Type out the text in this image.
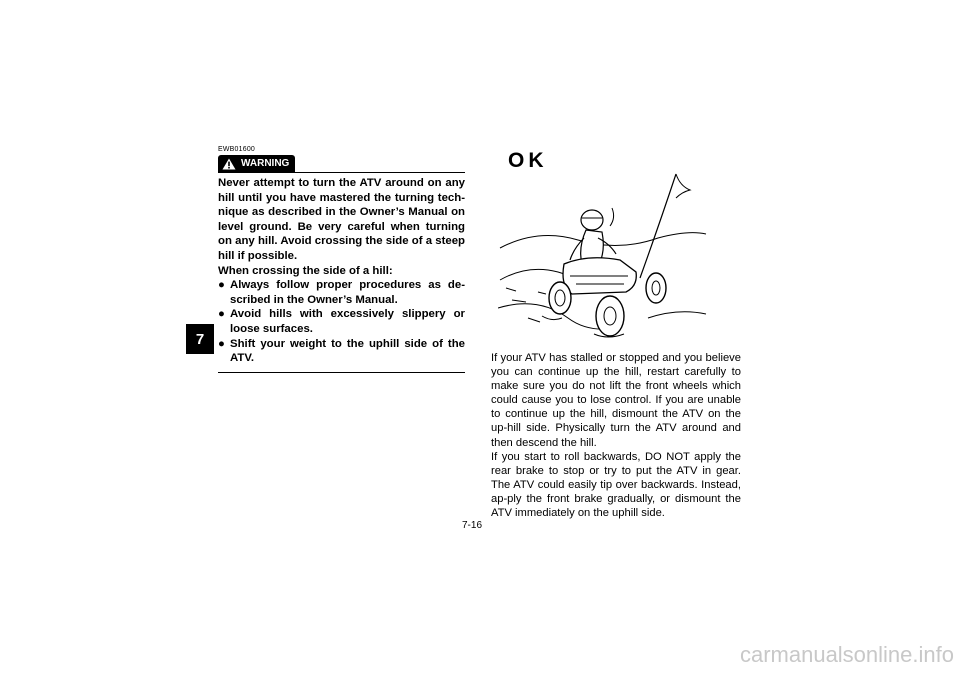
7
EWB01600
WARNING

Never attempt to turn the ATV around on any hill until you have mastered the turning tech-nique as described in the Owner’s Manual on level ground. Be very careful when turning on any hill. Avoid crossing the side of a steep hill if possible.

When crossing the side of a hill:

● Always follow proper procedures as de-scribed in the Owner’s Manual.
● Avoid hills with excessively slippery or loose surfaces.
● Shift your weight to the uphill side of the ATV.
OK

If your ATV has stalled or stopped and you believe you can continue up the hill, restart carefully to make sure you do not lift the front wheels which could cause you to lose control. If you are unable to continue up the hill, dismount the ATV on the up-hill side. Physically turn the ATV around and then descend the hill.

If you start to roll backwards, DO NOT apply the rear brake to stop or try to put the ATV in gear. The ATV could easily tip over backwards. Instead, ap-ply the front brake gradually, or dismount the ATV immediately on the uphill side.

7-16
carmanualsonline.info
